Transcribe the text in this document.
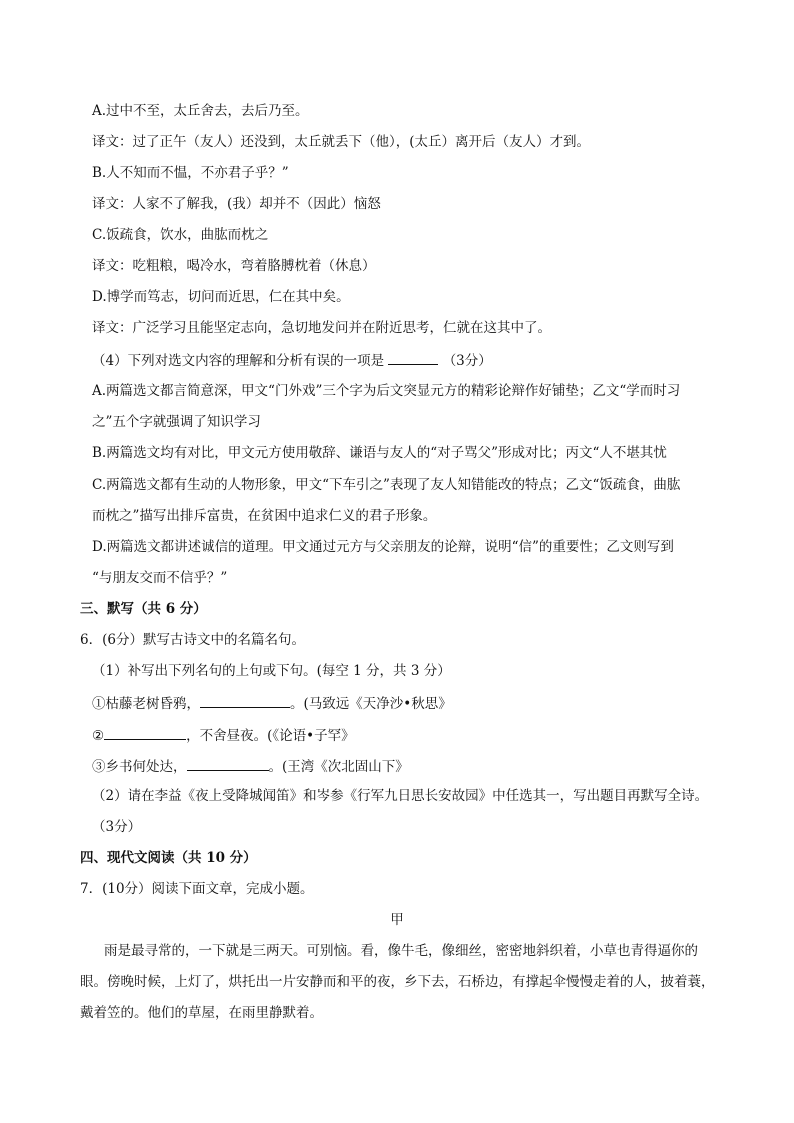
A.过中不至，太丘舍去，去后乃至。
译文：过了正午（友人）还没到，太丘就丢下（他），(太丘）离开后（友人）才到。
B.人不知而不愠，不亦君子乎？”
译文：人家不了解我，(我）却并不（因此）恼怒
C.饭疏食，饮水，曲肱而枕之
译文：吃粗粮，喝冷水，弯着胳膊枕着（休息）
D.博学而笃志，切问而近思，仁在其中矣。
译文：广泛学习且能坚定志向，急切地发问并在附近思考，仁就在这其中了。
（4）下列对选文内容的理解和分析有误的一项是	（3分）
A.两篇选文都言简意深，甲文“门外戏”三个字为后文突显元方的精彩论辩作好铺垫；乙文“学而时习
之”五个字就强调了知识学习
B.两篇选文均有对比，甲文元方使用敬辞、谦语与友人的“对子骂父”形成对比；丙文“人不堪其忧
C.两篇选文都有生动的人物形象，甲文“下车引之”表现了友人知错能改的特点；乙文“饭疏食，曲肱
而枕之”描写出排斥富贵，在贫困中追求仁义的君子形象。
D.两篇选文都讲述诚信的道理。甲文通过元方与父亲朋友的论辩，说明“信”的重要性；乙文则写到
“与朋友交而不信乎？”
三、默写（共 6 分）
6．(6分）默写古诗文中的名篇名句。
（1）补写出下列名句的上句或下句。(每空 1 分，共 3 分）
①枯藤老树昏鸦，	。(马致远《天净沙•秋思》
②	，不舍昼夜。(《论语•子罕》
③乡书何处达，	。(王湾《次北固山下》
（2）请在李益《夜上受降城闻笛》和岑参《行军九日思长安故园》中任选其一，写出题目再默写全诗。
（3分）
四、现代文阅读（共 10 分）
7．(10分）阅读下面文章，完成小题。
甲
雨是最寻常的，一下就是三两天。可别恼。看，像牛毛，像细丝，密密地斜织着，小草也青得逼你的
眼。傍晚时候，上灯了，烘托出一片安静而和平的夜，乡下去，石桥边，有撑起伞慢慢走着的人，披着蓑，
戴着笠的。他们的草屋，在雨里静默着。
